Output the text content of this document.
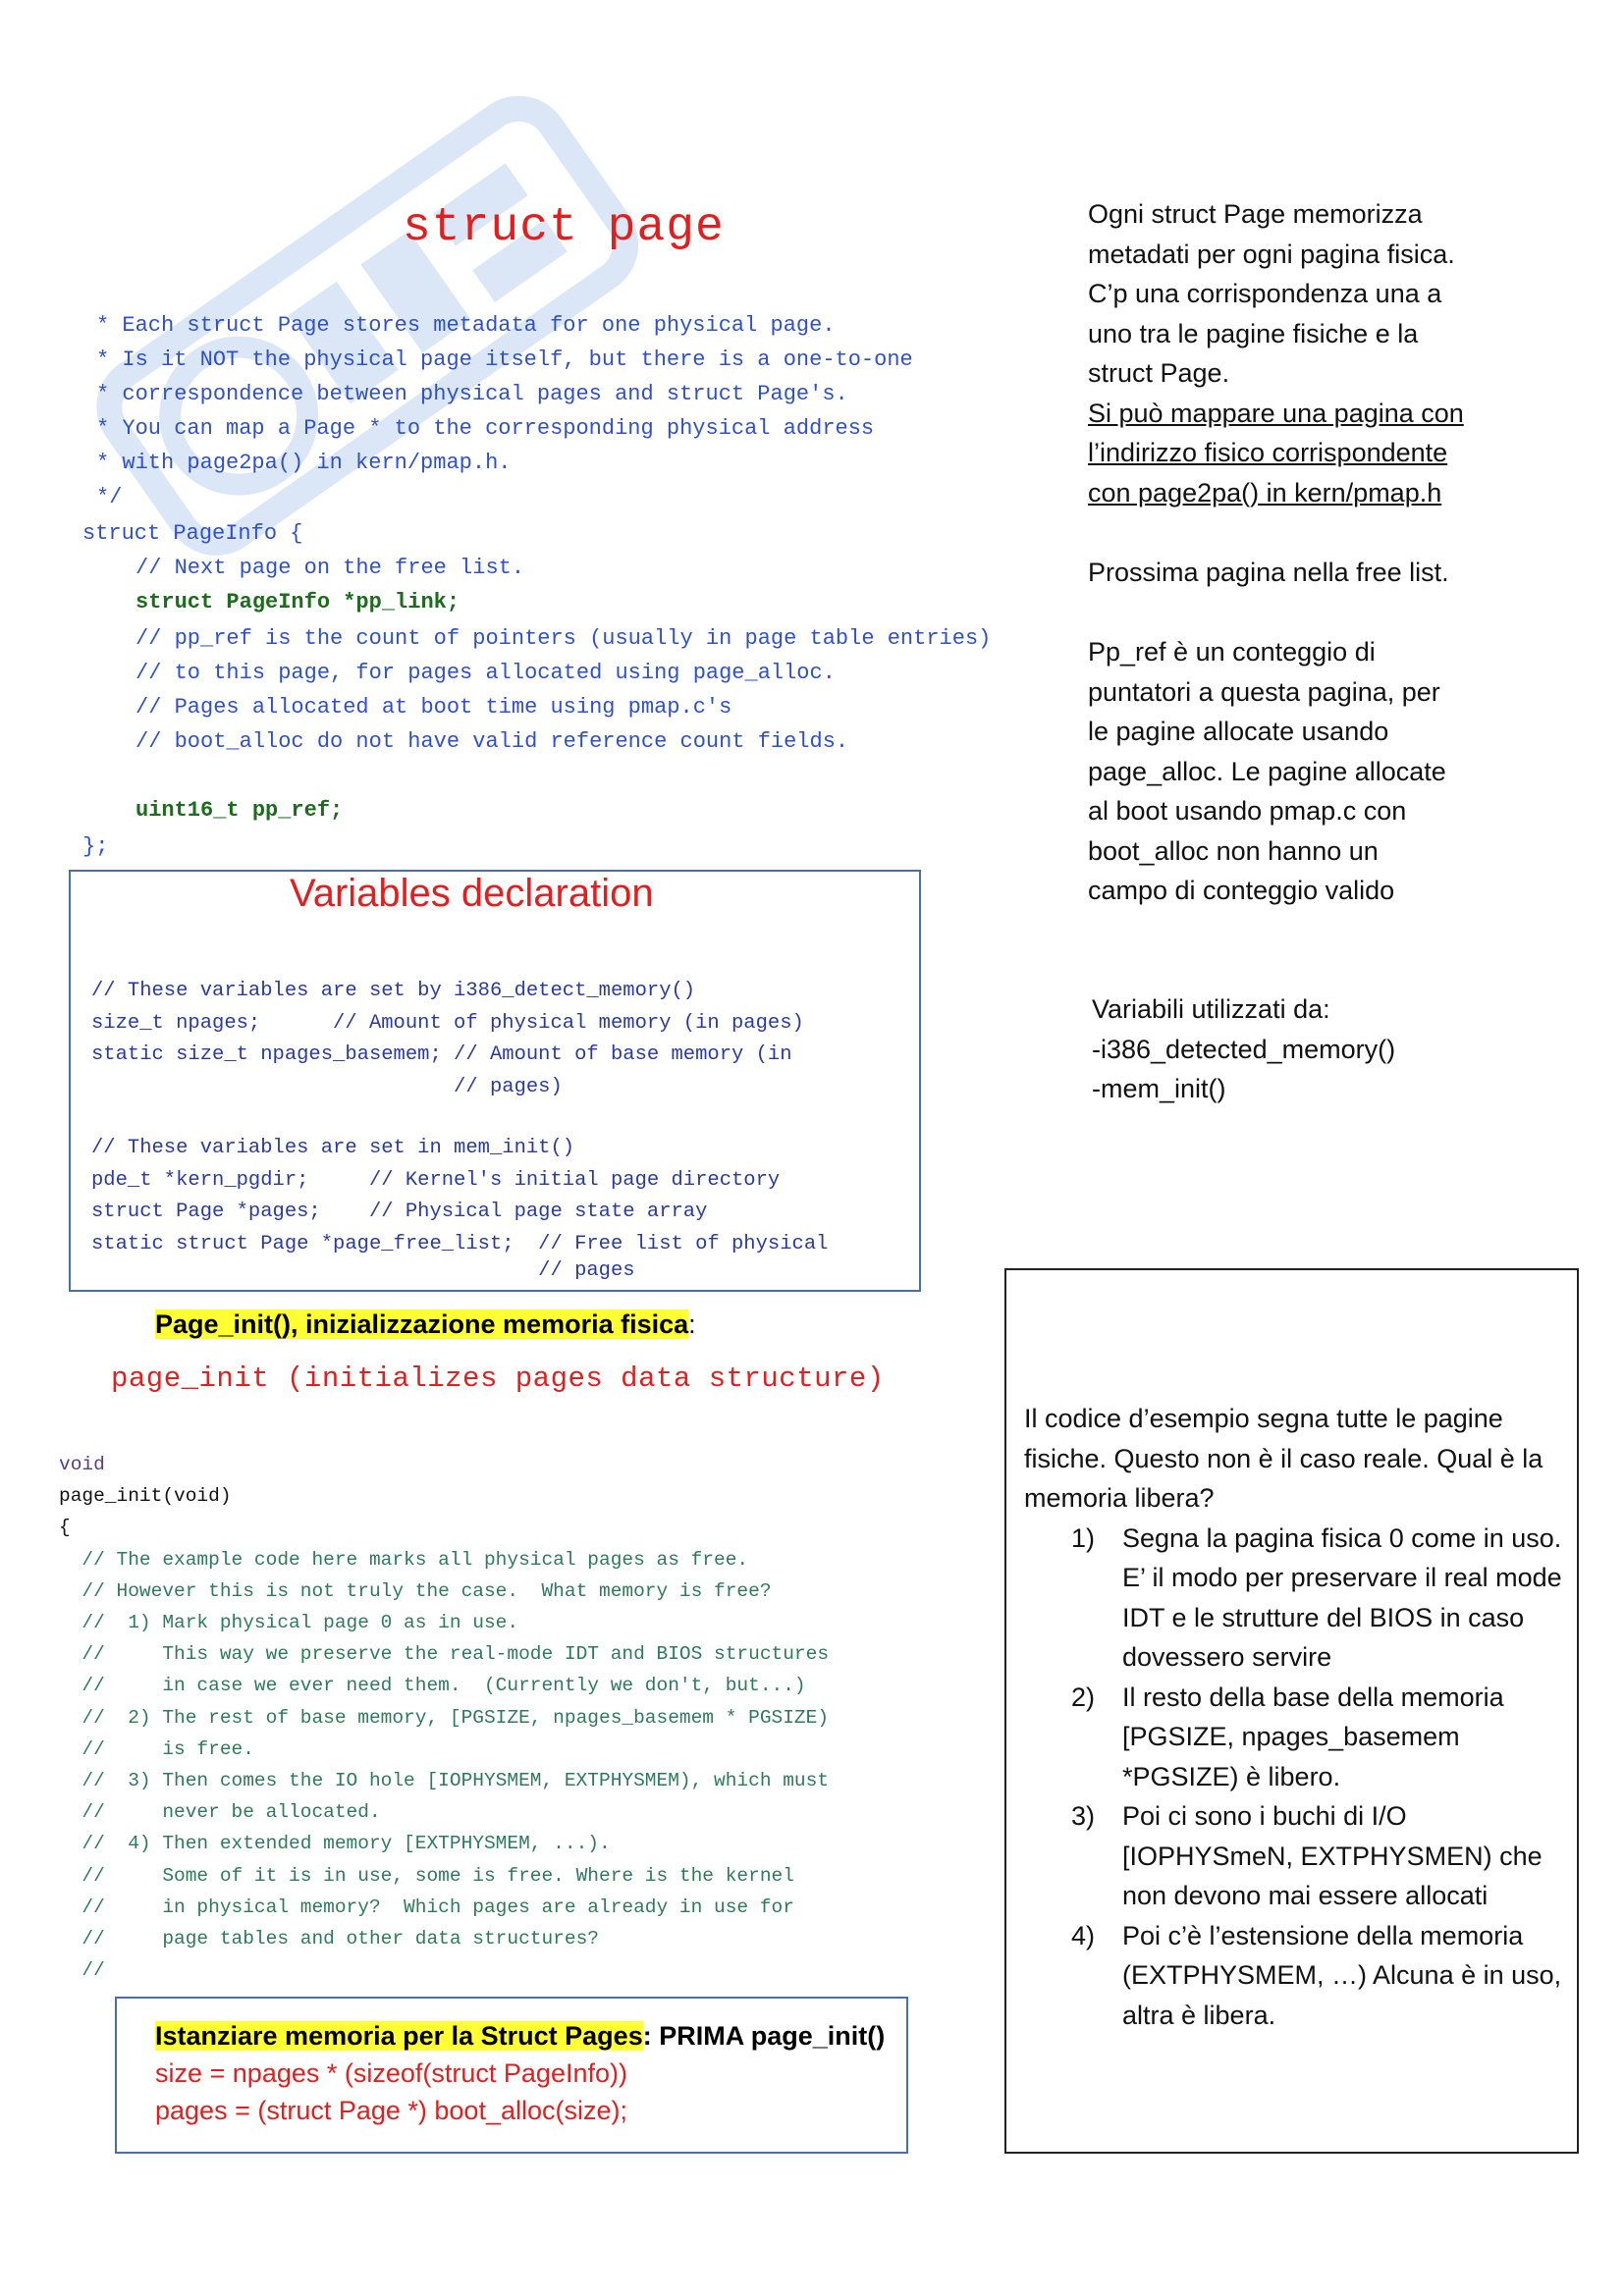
struct page
* Each struct Page stores metadata for one physical page.
* Is it NOT the physical page itself, but there is a one-to-one
* correspondence between physical pages and struct Page's.
* You can map a Page * to the corresponding physical address
* with page2pa() in kern/pmap.h.
*/
struct PageInfo {
// Next page on the free list.
struct PageInfo *pp_link;
// pp_ref is the count of pointers (usually in page table entries)
// to this page, for pages allocated using page_alloc.
// Pages allocated at boot time using pmap.c's
// boot_alloc do not have valid reference count fields.
uint16_t pp_ref;
};
Ogni struct Page memorizza
metadati per ogni pagina fisica.
C’p una corrispondenza una a
uno tra le pagine fisiche e la
struct Page.
Si può mappare una pagina con
l’indirizzo fisico corrispondente
con page2pa() in kern/pmap.h
Prossima pagina nella free list.
Pp_ref è un conteggio di
puntatori a questa pagina, per
le pagine allocate usando
page_alloc. Le pagine allocate
al boot usando pmap.c con
boot_alloc non hanno un
campo di conteggio valido
Variabili utilizzati da:
-i386_detected_memory()
-mem_init()
Variables declaration
// These variables are set by i386_detect_memory()
size_t npages;      // Amount of physical memory (in pages)
static size_t npages_basemem; // Amount of base memory (in
// pages)
// These variables are set in mem_init()
pde_t *kern_pgdir;     // Kernel's initial page directory
struct Page *pages;    // Physical page state array
static struct Page *page_free_list;  // Free list of physical
// pages
Page_init(), inizializzazione memoria fisica:
page_init (initializes pages data structure)
void
page_init(void)
{
// The example code here marks all physical pages as free.
// However this is not truly the case.  What memory is free?
//  1) Mark physical page 0 as in use.
//     This way we preserve the real-mode IDT and BIOS structures
//     in case we ever need them.  (Currently we don't, but...)
//  2) The rest of base memory, [PGSIZE, npages_basemem * PGSIZE)
//     is free.
//  3) Then comes the IO hole [IOPHYSMEM, EXTPHYSMEM), which must
//     never be allocated.
//  4) Then extended memory [EXTPHYSMEM, ...).
//     Some of it is in use, some is free. Where is the kernel
//     in physical memory?  Which pages are already in use for
//     page tables and other data structures?
//
Istanziare memoria per la Struct Pages: PRIMA page_init()
size = npages * (sizeof(struct PageInfo))
pages = (struct Page *) boot_alloc(size);
Il codice d’esempio segna tutte le pagine fisiche. Questo non è il caso reale. Qual è la memoria libera?
1) Segna la pagina fisica 0 come in uso. E’ il modo per preservare il real mode IDT e le strutture del BIOS in caso dovessero servire
2) Il resto della base della memoria [PGSIZE, npages_basemem *PGSIZE) è libero.
3) Poi ci sono i buchi di I/O [IOPHYSmeN, EXTPHYSMEN) che non devono mai essere allocati
4) Poi c’è l’estensione della memoria (EXTPHYSMEM, …) Alcuna è in uso, altra è libera.
